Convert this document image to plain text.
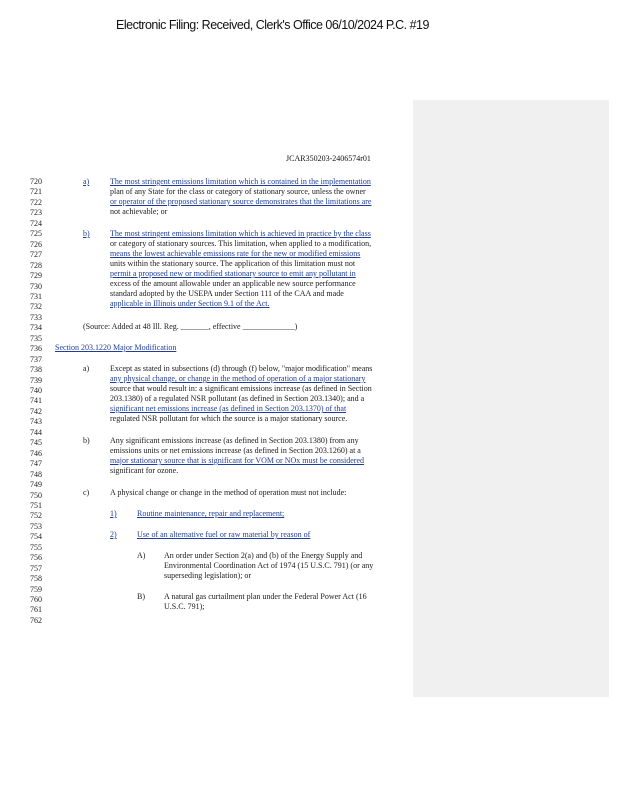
Electronic Filing: Received, Clerk's Office 06/10/2024 P.C. #19
JCAR350203-2406574r01
720
721
722
723
724
725
726
727
728
729
730
731
732
733
734
735
736
737
738
739
740
741
742
743
744
745
746
747
748
749
750
751
752
753
754
755
756
757
758
759
760
761
762
a)	The most stringent emissions limitation which is contained in the implementation
plan of any State for the class or category of stationary source, unless the owner
or operator of the proposed stationary source demonstrates that the limitations are
not achievable; or
b)	The most stringent emissions limitation which is achieved in practice by the class
or category of stationary sources. This limitation, when applied to a modification,
means the lowest achievable emissions rate for the new or modified emissions
units within the stationary source. The application of this limitation must not
permit a proposed new or modified stationary source to emit any pollutant in
excess of the amount allowable under an applicable new source performance
standard adopted by the USEPA under Section 111 of the CAA and made
applicable in Illinois under Section 9.1 of the Act.
(Source: Added at 48 Ill. Reg. _______, effective _____________)
Section 203.1220 Major Modification
a)	Except as stated in subsections (d) through (f) below, "major modification" means
any physical change, or change in the method of operation of a major stationary
source that would result in: a significant emissions increase (as defined in Section
203.1380) of a regulated NSR pollutant (as defined in Section 203.1340); and a
significant net emissions increase (as defined in Section 203.1370) of that
regulated NSR pollutant for which the source is a major stationary source.
b)	Any significant emissions increase (as defined in Section 203.1380) from any
emissions units or net emissions increase (as defined in Section 203.1260) at a
major stationary source that is significant for VOM or NOx must be considered
significant for ozone.
c)	A physical change or change in the method of operation must not include:
1)	Routine maintenance, repair and replacement;
2)	Use of an alternative fuel or raw material by reason of
A) An order under Section 2(a) and (b) of the Energy Supply and
Environmental Coordination Act of 1974 (15 U.S.C. 791) (or any
superseding legislation); or
B) A natural gas curtailment plan under the Federal Power Act (16
U.S.C. 791);
